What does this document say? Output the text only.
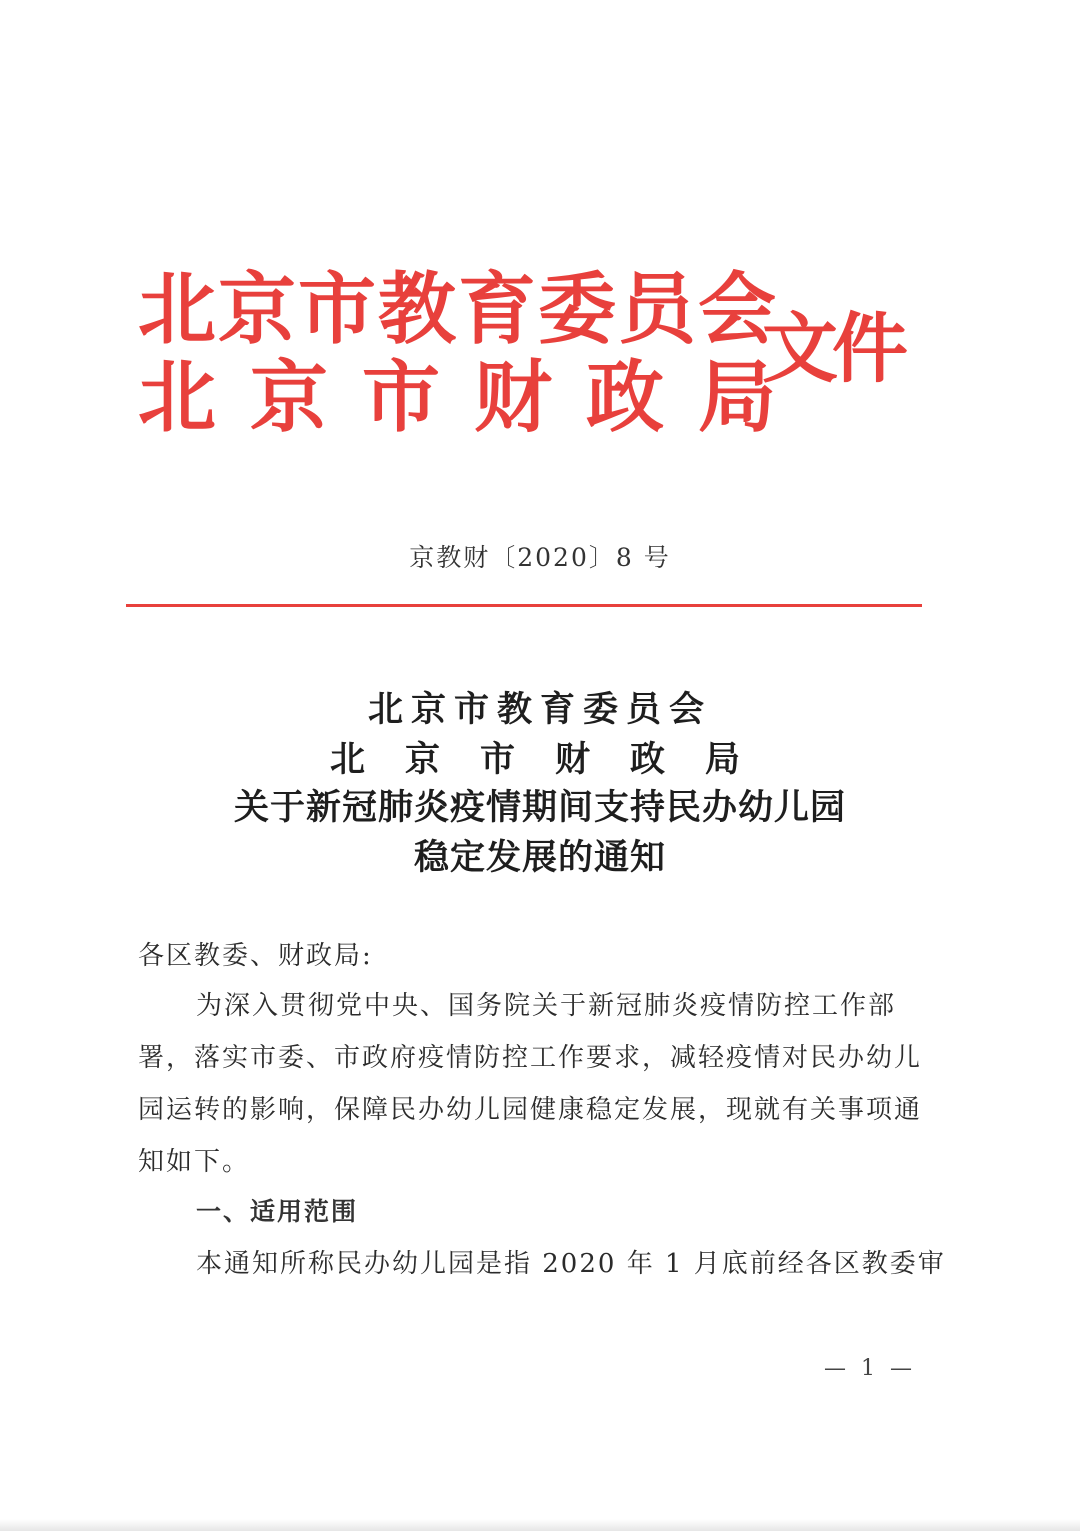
北京市教育委员会
北京市财政局
文件
京教财〔2020〕8 号
北京市教育委员会
北京市财政局
关于新冠肺炎疫情期间支持民办幼儿园
稳定发展的通知
各区教委、财政局:
为深入贯彻党中央、国务院关于新冠肺炎疫情防控工作部
署，落实市委、市政府疫情防控工作要求，减轻疫情对民办幼儿
园运转的影响，保障民办幼儿园健康稳定发展，现就有关事项通
知如下。
一、适用范围
本通知所称民办幼儿园是指 2020 年 1 月底前经各区教委审
— 1 —
